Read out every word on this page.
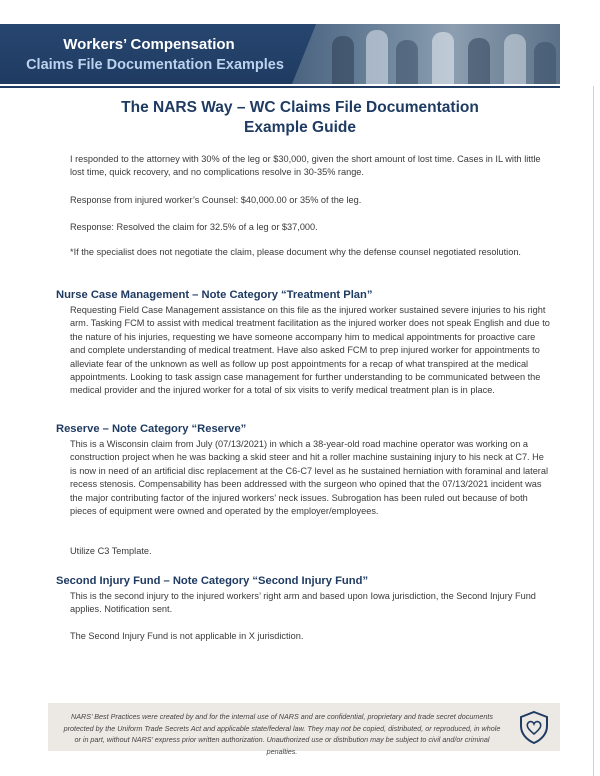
Workers’ Compensation
Claims File Documentation Examples
The NARS Way – WC Claims File Documentation
Example Guide

I responded to the attorney with 30% of the leg or $30,000, given the short amount of lost time. Cases in IL with little lost time, quick recovery, and no complications resolve in 30-35% range.

Response from injured worker’s Counsel: $40,000.00 or 35% of the leg.

Response: Resolved the claim for 32.5% of a leg or $37,000.

*If the specialist does not negotiate the claim, please document why the defense counsel negotiated resolution.

Nurse Case Management – Note Category “Treatment Plan”

Requesting Field Case Management assistance on this file as the injured worker sustained severe injuries to his right arm. Tasking FCM to assist with medical treatment facilitation as the injured worker does not speak English and due to the nature of his injuries, requesting we have someone accompany him to medical appointments for proactive care and complete understanding of medical treatment. Have also asked FCM to prep injured worker for appointments to alleviate fear of the unknown as well as follow up post appointments for a recap of what transpired at the medical appointments. Looking to task assign case management for further understanding to be communicated between the medical provider and the injured worker for a total of six visits to verify medical treatment plan is in place.

Reserve – Note Category “Reserve”

This is a Wisconsin claim from July (07/13/2021) in which a 38-year-old road machine operator was working on a construction project when he was backing a skid steer and hit a roller machine sustaining injury to his neck at C7. He is now in need of an artificial disc replacement at the C6-C7 level as he sustained herniation with foraminal and lateral recess stenosis. Compensability has been addressed with the surgeon who opined that the 07/13/2021 incident was the major contributing factor of the injured workers’ neck issues. Subrogation has been ruled out because of both pieces of equipment were owned and operated by the employer/employees.

Utilize C3 Template.

Second Injury Fund – Note Category “Second Injury Fund”

This is the second injury to the injured workers’ right arm and based upon Iowa jurisdiction, the Second Injury Fund applies. Notification sent.

The Second Injury Fund is not applicable in X jurisdiction.

NARS’ Best Practices were created by and for the internal use of NARS and are confidential, proprietary and trade secret documents protected by the Uniform Trade Secrets Act and applicable state/federal law. They may not be copied, distributed, or reproduced, in whole or in part, without NARS’ express prior written authorization. Unauthorized use or distribution may be subject to civil and/or criminal penalties.
